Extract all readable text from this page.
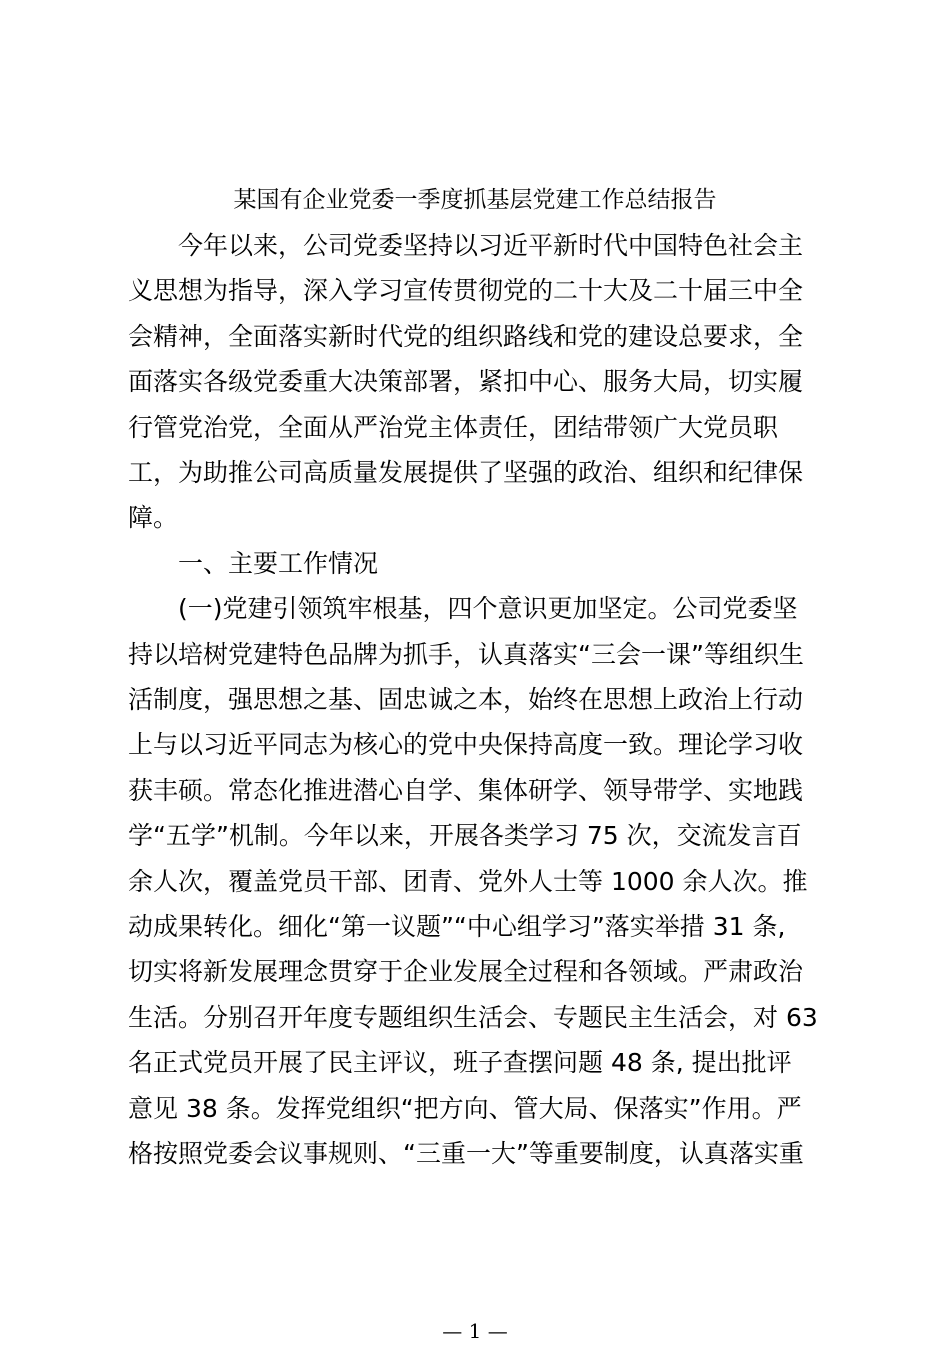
某国有企业党委一季度抓基层党建工作总结报告

　　今年以来，公司党委坚持以习近平新时代中国特色社会主

义思想为指导，深入学习宣传贯彻党的二十大及二十届三中全

会精神，全面落实新时代党的组织路线和党的建设总要求，全

面落实各级党委重大决策部署，紧扣中心、服务大局，切实履

行管党治党，全面从严治党主体责任，团结带领广大党员职

工，为助推公司高质量发展提供了坚强的政治、组织和纪律保

障。

　　一、主要工作情况

　　(一)党建引领筑牢根基，四个意识更加坚定。公司党委坚

持以培树党建特色品牌为抓手，认真落实“三会一课”等组织生

活制度，强思想之基、固忠诚之本，始终在思想上政治上行动

上与以习近平同志为核心的党中央保持高度一致。理论学习收

获丰硕。常态化推进潜心自学、集体研学、领导带学、实地践

学“五学”机制。今年以来，开展各类学习 75 次，交流发言百

余人次，覆盖党员干部、团青、党外人士等 1000 余人次。推

动成果转化。细化“第一议题”“中心组学习”落实举措 31 条,

切实将新发展理念贯穿于企业发展全过程和各领域。严肃政治

生活。分别召开年度专题组织生活会、专题民主生活会，对 63

名正式党员开展了民主评议，班子查摆问题 48 条, 提出批评

意见 38 条。发挥党组织“把方向、管大局、保落实”作用。严

格按照党委会议事规则、“三重一大”等重要制度，认真落实重

— 1 —
